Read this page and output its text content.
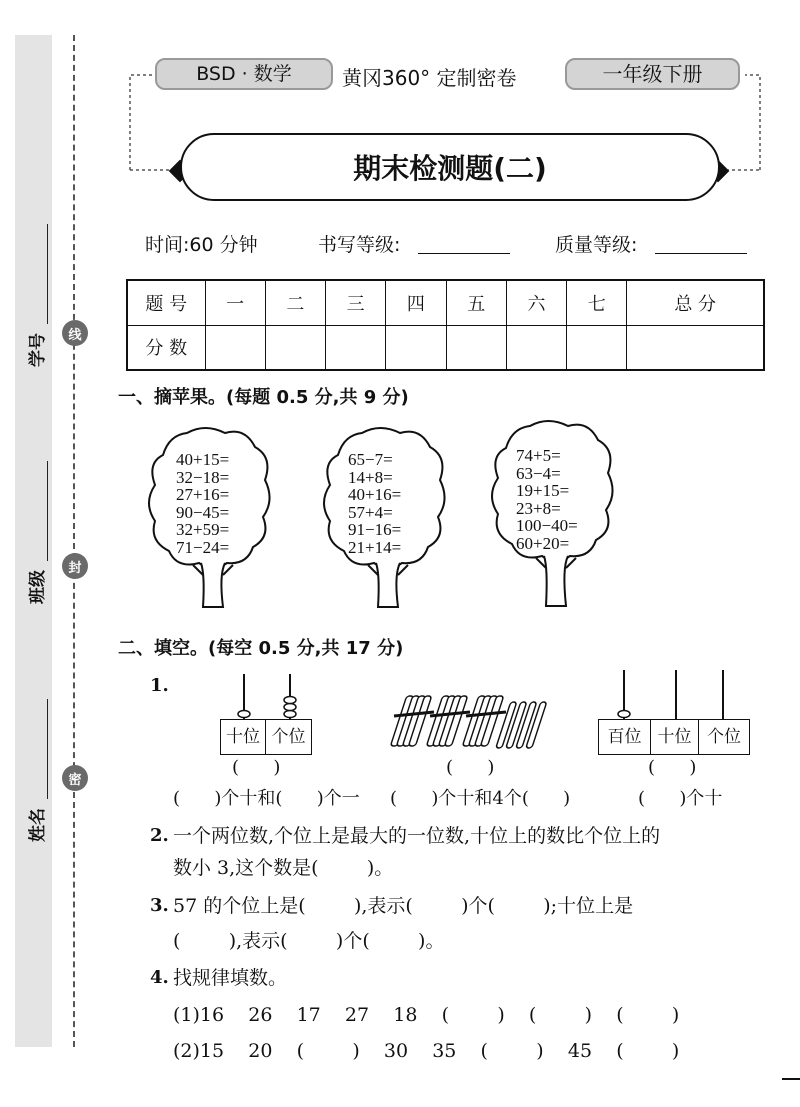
学号
班级
姓名
线
封
密
BSD · 数学	黄冈360° 定制密卷	一年级下册
期末检测题(二)
时间:60 分钟	书写等级:	质量等级:
题 号	一	二	三	四	五	六	七	总 分
分 数								
一、摘苹果。(每题 0.5 分,共 9 分)
40+15=
32−18=
27+16=
90−45=
32+59=
71−24=
65−7=
14+8=
40+16=
57+4=
91−16=
21+14=
74+5=
63−4=
19+15=
23+8=
100−40=
60+20=
二、填空。(每空 0.5 分,共 17 分)
1.
十位 个位
(      )	(      )
百位 十位 个位
(      )
(      )个十和(      )个一 (      )个十和4个(      )	(      )个十
2. 一个两位数,个位上是最大的一位数,十位上的数比个位上的
数小 3,这个数是(        )。
3. 57 的个位上是(        ),表示(        )个(        );十位上是
(        ),表示(        )个(        )。
4. 找规律填数。
(1)16    26    17    27    18    (        )    (        )    (        )
(2)15    20    (        )    30    35    (        )    45    (        )
